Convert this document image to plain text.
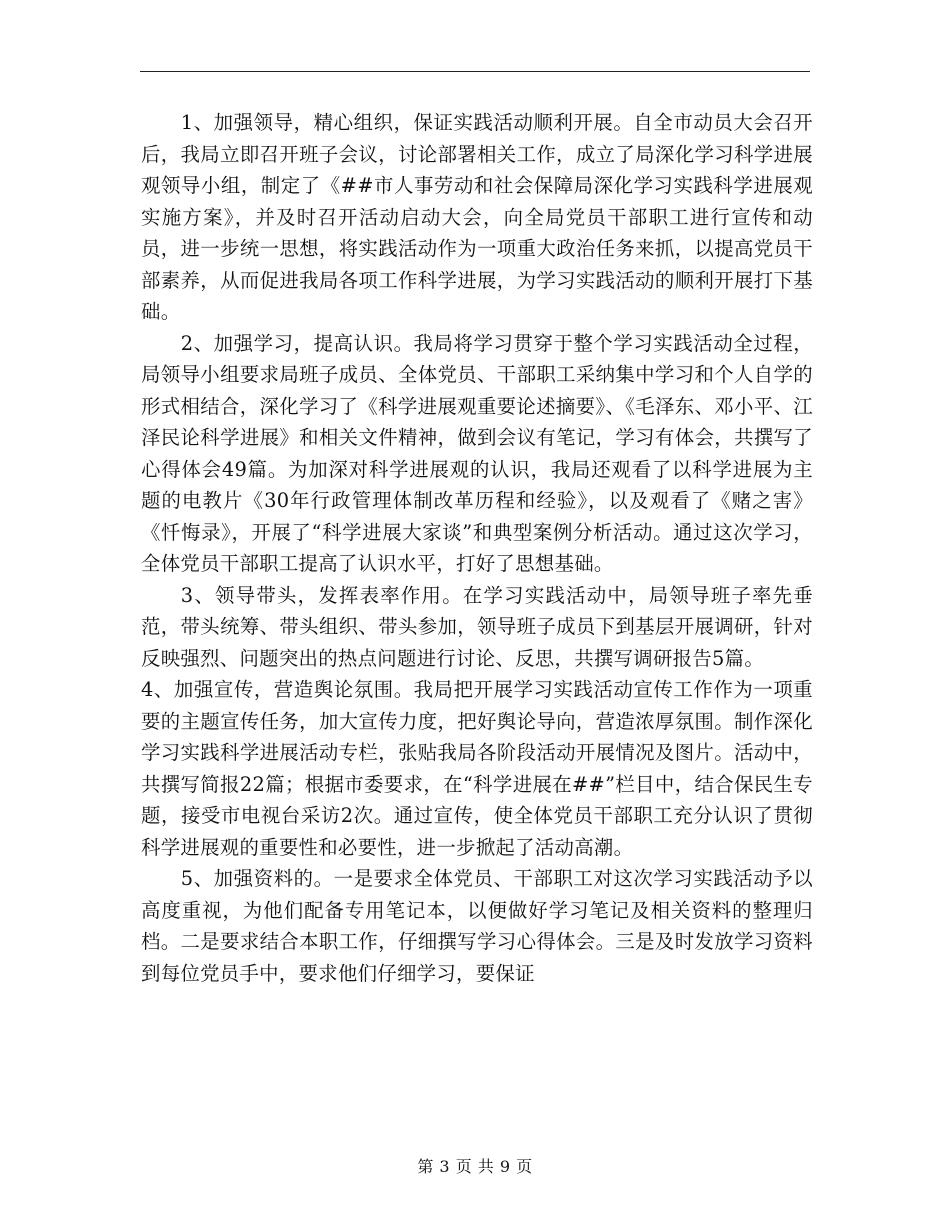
1、加强领导，精心组织，保证实践活动顺利开展。自全市动员大会召开后，我局立即召开班子会议，讨论部署相关工作，成立了局深化学习科学进展观领导小组，制定了《##市人事劳动和社会保障局深化学习实践科学进展观实施方案》，并及时召开活动启动大会，向全局党员干部职工进行宣传和动员，进一步统一思想，将实践活动作为一项重大政治任务来抓，以提高党员干部素养，从而促进我局各项工作科学进展，为学习实践活动的顺利开展打下基础。

2、加强学习，提高认识。我局将学习贯穿于整个学习实践活动全过程，局领导小组要求局班子成员、全体党员、干部职工采纳集中学习和个人自学的形式相结合，深化学习了《科学进展观重要论述摘要》、《毛泽东、邓小平、江泽民论科学进展》和相关文件精神，做到会议有笔记，学习有体会，共撰写了心得体会49篇。为加深对科学进展观的认识，我局还观看了以科学进展为主题的电教片《30年行政管理体制改革历程和经验》，以及观看了《赌之害》《忏悔录》，开展了“科学进展大家谈”和典型案例分析活动。通过这次学习，全体党员干部职工提高了认识水平，打好了思想基础。

3、领导带头，发挥表率作用。在学习实践活动中，局领导班子率先垂范，带头统筹、带头组织、带头参加，领导班子成员下到基层开展调研，针对反映强烈、问题突出的热点问题进行讨论、反思，共撰写调研报告5篇。

4、加强宣传，营造舆论氛围。我局把开展学习实践活动宣传工作作为一项重要的主题宣传任务，加大宣传力度，把好舆论导向，营造浓厚氛围。制作深化学习实践科学进展活动专栏，张贴我局各阶段活动开展情况及图片。活动中，共撰写简报22篇；根据市委要求，在“科学进展在##”栏目中，结合保民生专题，接受市电视台采访2次。通过宣传，使全体党员干部职工充分认识了贯彻科学进展观的重要性和必要性，进一步掀起了活动高潮。

5、加强资料的。一是要求全体党员、干部职工对这次学习实践活动予以高度重视，为他们配备专用笔记本，以便做好学习笔记及相关资料的整理归档。二是要求结合本职工作，仔细撰写学习心得体会。三是及时发放学习资料到每位党员手中，要求他们仔细学习，要保证

第 3 页 共 9 页
